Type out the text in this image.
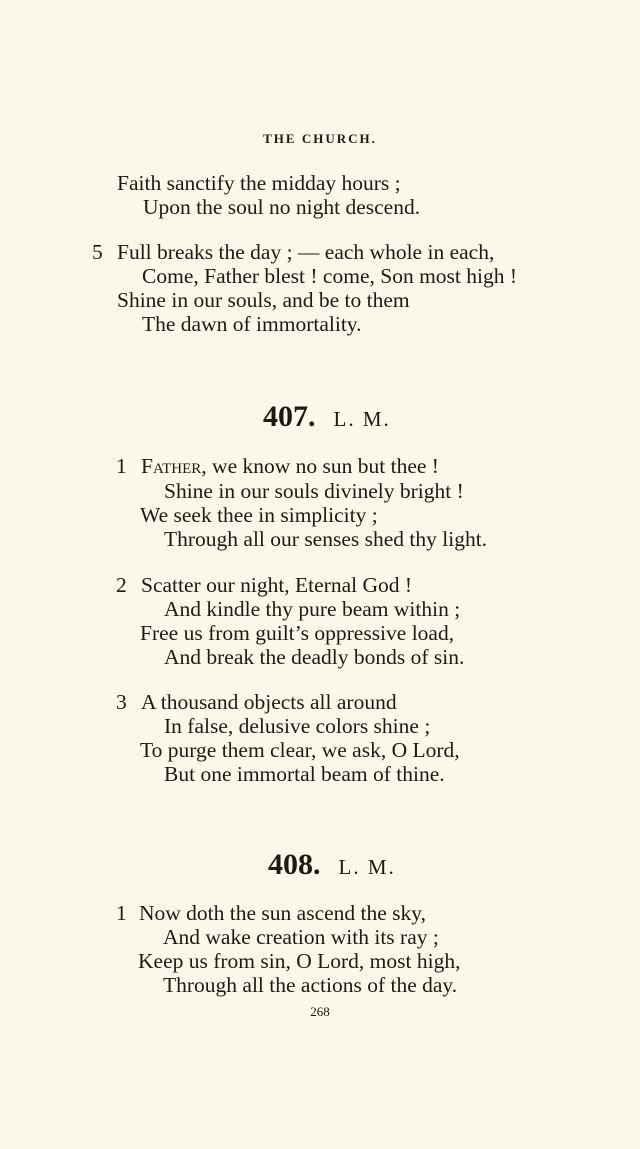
THE CHURCH.
Faith sanctify the midday hours ;
Upon the soul no night descend.
5 Full breaks the day ; — each whole in each,
Come, Father blest ! come, Son most high !
Shine in our souls, and be to them
The dawn of immortality.
407. L. M.
1 Father, we know no sun but thee !
Shine in our souls divinely bright !
We seek thee in simplicity ;
Through all our senses shed thy light.
2 Scatter our night, Eternal God !
And kindle thy pure beam within ;
Free us from guilt’s oppressive load,
And break the deadly bonds of sin.
3 A thousand objects all around
In false, delusive colors shine ;
To purge them clear, we ask, O Lord,
But one immortal beam of thine.
408. L. M.
1 Now doth the sun ascend the sky,
And wake creation with its ray ;
Keep us from sin, O Lord, most high,
Through all the actions of the day.
268
